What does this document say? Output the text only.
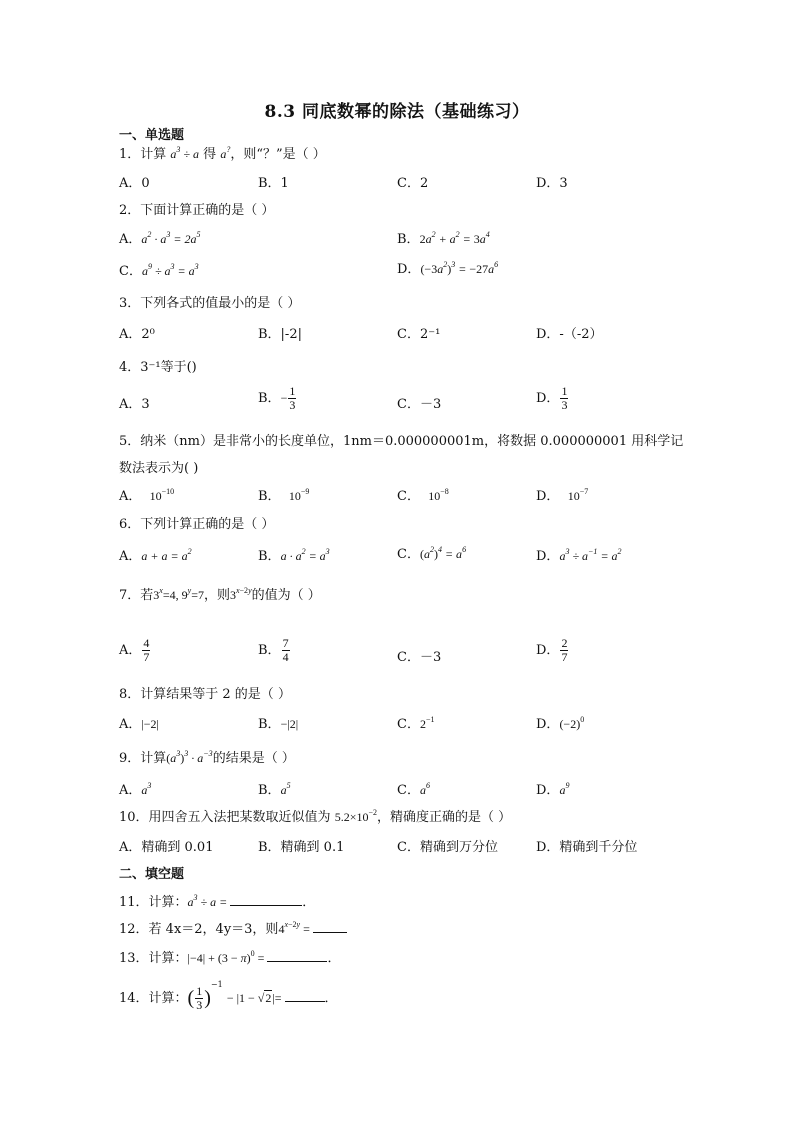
8.3 同底数幂的除法（基础练习）
一、单选题
1．计算 $a^3 \div a$ 得 a?，则“？”是（ ）
A．0	B．1	C．2	D．3
2．下面计算正确的是（ ）
A．$a^2 \cdot a^3 = 2a^5$	B．$2a^2 + a^2 = 3a^4$
C．$a^9 \div a^3 = a^3$	D．$(-3a^2)^3 = -27a^6$
3．下列各式的值最小的是（ ）
A．2⁰	B．|-2|	C．2⁻¹	D．-（-2）
4．3⁻¹等于()
A．3	B．− $\frac{1}{3}$	C．－3	D． $\frac{1}{3}$
5．纳米（nm）是非常小的长度单位，1nm＝0.000000001m，将数据 0.000000001 用科学记
数法表示为( )
A． $10^{-10}$	B． $10^{-9}$	C． $10^{-8}$	D． $10^{-7}$
6．下列计算正确的是（ ）
A．$a + a = a^2$	B．$a \cdot a^2 = a^3$	C．$(a^2)^4 = a^6$	D．$a^3 \div a^{-1} = a^2$
7．若$3^x=4$, $9^y=7$，则$3^{x-2y}$的值为（ ）
A． $\frac{4}{7}$	B． $\frac{7}{4}$	C．－3	D． $\frac{2}{7}$
8．计算结果等于 2 的是（ ）
A．|−2|	B．−|2|	C．$2^{-1}$	D．$(-2)^0$
9．计算$(a^3)^3 \cdot a^{-3}$的结果是（ ）
A．$a^3$	B．$a^5$	C．$a^6$	D．$a^9$
10．用四舍五入法把某数取近似值为 $5.2\times 10^{-2}$，精确度正确的是（ ）
A．精确到 0.01	B．精确到 0.1	C．精确到万分位	D．精确到千分位
二、填空题
11．计算：$a^3 \div a$ =	．
12．若 4x＝2，4y＝3，则$4^{x-2y}$ =
13．计算：$|-4| + (3 - \pi)^0$ =	．
14．计算：( $\frac{1}{3} )^{-1} - |1 - √2|=$	．
